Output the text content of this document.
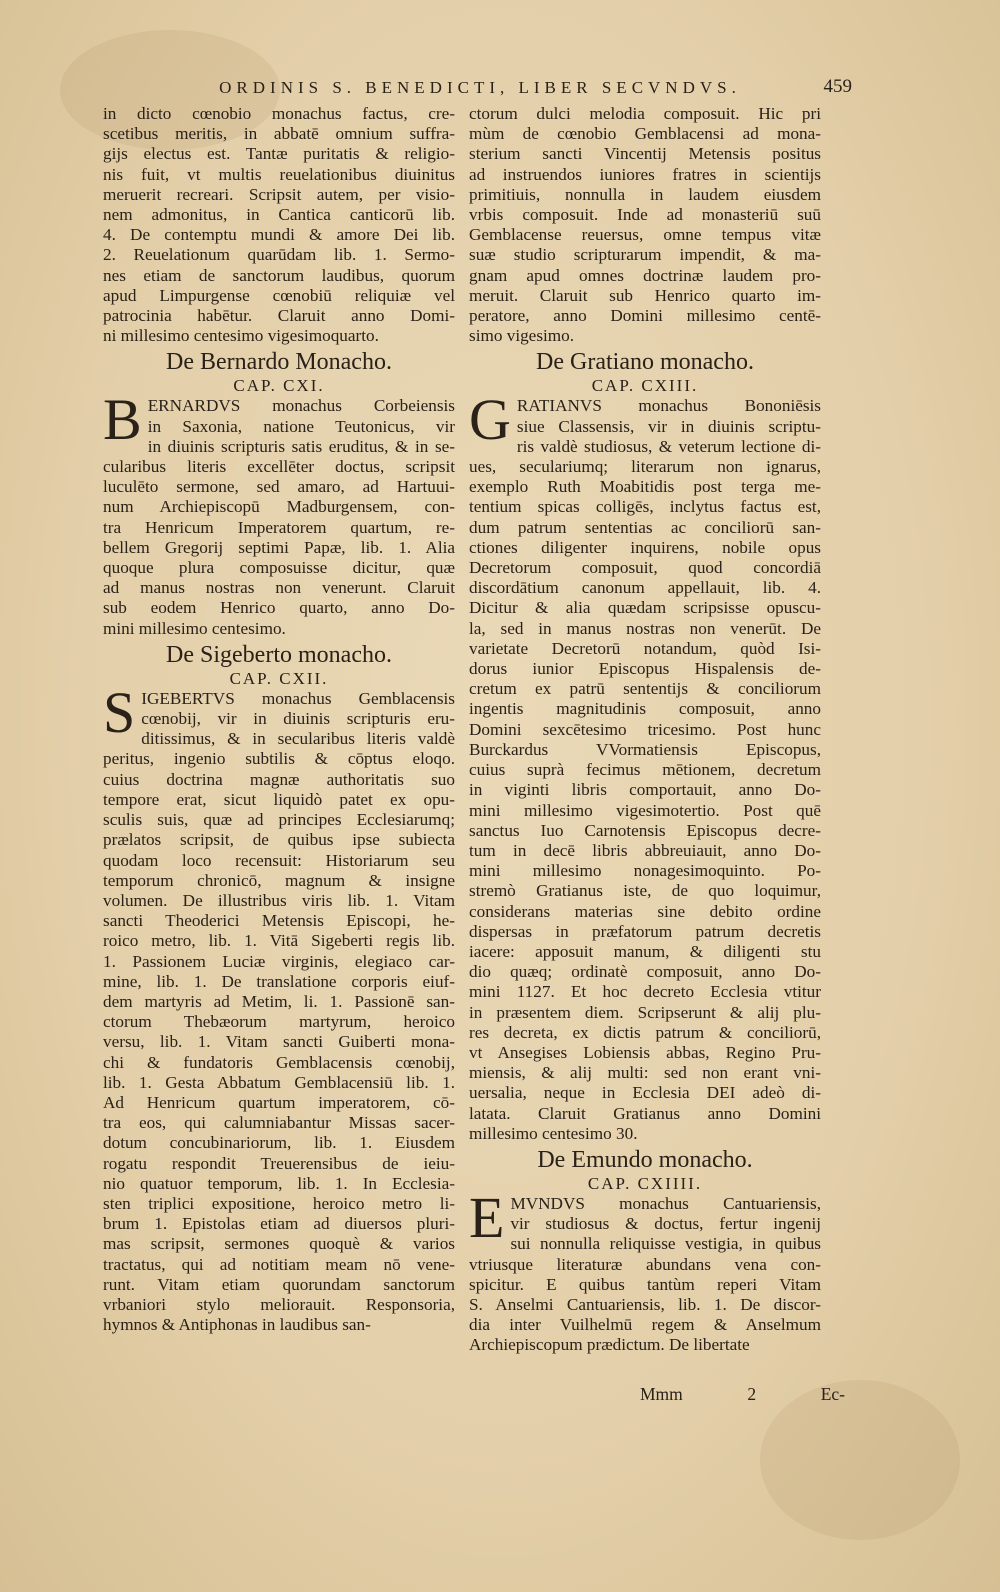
ORDINIS S. BENEDICTI, LIBER SECVNDVS.	459
in dicto cœnobio monachus factus, cre-
scetibus meritis, in abbatē omnium suffra-
gijs electus est. Tantæ puritatis & religio-
nis fuit, vt multis reuelationibus diuinitus
meruerit recreari. Scripsit autem, per visio-
nem admonitus, in Cantica canticorū lib.
4. De contemptu mundi & amore Dei lib.
2. Reuelationum quarūdam lib. 1. Sermo-
nes etiam de sanctorum laudibus, quorum
apud Limpurgense cœnobiū reliquiæ vel
patrocinia habētur. Claruit anno Domi-
ni millesimo centesimo vigesimoquarto.
De Bernardo Monacho.
CAP. CXI.
B ERNARDVS monachus Corbeiensis
in Saxonia, natione Teutonicus, vir
in diuinis scripturis satis eruditus, & in se-
cularibus literis excellēter doctus, scripsit
luculēto sermone, sed amaro, ad Hartuui-
num Archiepiscopū Madburgensem, con-
tra Henricum Imperatorem quartum, re-
bellem Gregorij septimi Papæ, lib. 1. Alia
quoque plura composuisse dicitur, quæ
ad manus nostras non venerunt. Claruit
sub eodem Henrico quarto, anno Do-
mini millesimo centesimo.
De Sigeberto monacho.
CAP. CXII.
S IGEBERTVS monachus Gemblacensis
cœnobij, vir in diuinis scripturis eru-
ditissimus, & in secularibus literis valdè
peritus, ingenio subtilis & cōptus eloqo.
cuius doctrina magnæ authoritatis suo
tempore erat, sicut liquidò patet ex opu-
sculis suis, quæ ad principes Ecclesiarumq;
prælatos scripsit, de quibus ipse subiecta
quodam loco recensuit: Historiarum seu
temporum chronicō, magnum & insigne
volumen. De illustribus viris lib. 1. Vitam
sancti Theoderici Metensis Episcopi, he-
roico metro, lib. 1. Vitā Sigeberti regis lib.
1. Passionem Luciæ virginis, elegiaco car-
mine, lib. 1. De translatione corporis eiuf-
dem martyris ad Metim, li. 1. Passionē san-
ctorum Thebæorum martyrum, heroico
versu, lib. 1. Vitam sancti Guiberti mona-
chi & fundatoris Gemblacensis cœnobij,
lib. 1. Gesta Abbatum Gemblacensiū lib. 1.
Ad Henricum quartum imperatorem, cō-
tra eos, qui calumniabantur Missas sacer-
dotum concubinariorum, lib. 1. Eiusdem
rogatu respondit Treuerensibus de ieiu-
nio quatuor temporum, lib. 1. In Ecclesia-
sten triplici expositione, heroico metro li-
brum 1. Epistolas etiam ad diuersos pluri-
mas scripsit, sermones quoquè & varios
tractatus, qui ad notitiam meam nō vene-
runt. Vitam etiam quorundam sanctorum
vrbaniori stylo meliorauit. Responsoria,
hymnos & Antiphonas in laudibus san-
ctorum dulci melodia composuit. Hic pri
mùm de cœnobio Gemblacensi ad mona-
sterium sancti Vincentij Metensis positus
ad instruendos iuniores fratres in scientijs
primitiuis, nonnulla in laudem eiusdem
vrbis composuit. Inde ad monasteriū suū
Gemblacense reuersus, omne tempus vitæ
suæ studio scripturarum impendit, & ma-
gnam apud omnes doctrinæ laudem pro-
meruit. Claruit sub Henrico quarto im-
peratore, anno Domini millesimo centē-
simo vigesimo.
De Gratiano monacho.
CAP. CXIII.
G RATIANVS monachus Bononiēsis
siue Classensis, vir in diuinis scriptu-
ris valdè studiosus, & veterum lectione di-
ues, seculariumq; literarum non ignarus,
exemplo Ruth Moabitidis post terga me-
tentium spicas colligēs, inclytus factus est,
dum patrum sententias ac conciliorū san-
ctiones diligenter inquirens, nobile opus
Decretorum composuit, quod concordiā
discordātium canonum appellauit, lib. 4.
Dicitur & alia quædam scripsisse opuscu-
la, sed in manus nostras non venerūt. De
varietate Decretorū notandum, quòd Isi-
dorus iunior Episcopus Hispalensis de-
cretum ex patrū sententijs & conciliorum
ingentis magnitudinis composuit, anno
Domini sexcētesimo tricesimo. Post hunc
Burckardus VVormatiensis Episcopus,
cuius suprà fecimus mētionem, decretum
in viginti libris comportauit, anno Do-
mini millesimo vigesimotertio. Post quē
sanctus Iuo Carnotensis Episcopus decre-
tum in decē libris abbreuiauit, anno Do-
mini millesimo nonagesimoquinto. Po-
stremò Gratianus iste, de quo loquimur,
considerans materias sine debito ordine
dispersas in præfatorum patrum decretis
iacere: apposuit manum, & diligenti stu
dio quæq; ordinatè composuit, anno Do-
mini 1127. Et hoc decreto Ecclesia vtitur
in præsentem diem. Scripserunt & alij plu-
res decreta, ex dictis patrum & conciliorū,
vt Ansegises Lobiensis abbas, Regino Pru-
miensis, & alij multi: sed non erant vni-
uersalia, neque in Ecclesia DEI adeò di-
latata. Claruit Gratianus anno Domini
millesimo centesimo 30.
De Emundo monacho.
CAP. CXIIII.
E MVNDVS monachus Cantuariensis,
vir studiosus & doctus, fertur ingenij
sui nonnulla reliquisse vestigia, in quibus
vtriusque literaturæ abundans vena con-
spicitur. E quibus tantùm reperi Vitam
S. Anselmi Cantuariensis, lib. 1. De discor-
dia inter Vuilhelmū regem & Anselmum
Archiepiscopum prædictum. De libertate
Mmm	2	Ec-
